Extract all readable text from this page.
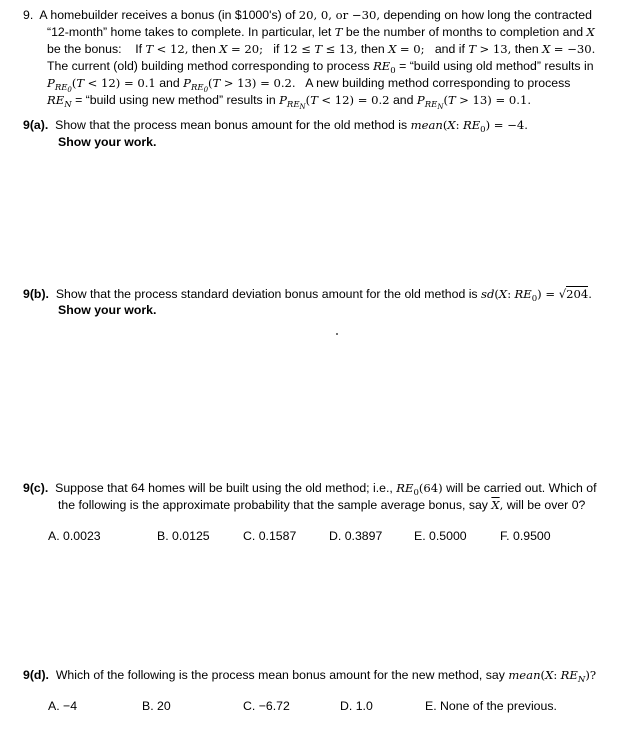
9. A homebuilder receives a bonus (in $1000's) of 20, 0, or −30, depending on how long the contracted
“12-month” home takes to complete. In particular, let T be the number of months to completion and X
be the bonus: If T < 12, then X = 20; if 12 ≤ T ≤ 13, then X = 0; and if T > 13, then X = −30.
The current (old) building method corresponding to process $RE_0$ = “build using old method” results in
$P_{RE_0}(T < 12) = 0.1$ and $P_{RE_0}(T > 13) = 0.2$. A new building method corresponding to process
$RE_N$ = “build using new method” results in $P_{RE_N}(T < 12) = 0.2$ and $P_{RE_N}(T > 13) = 0.1$.
9(a). Show that the process mean bonus amount for the old method is mean(X: $RE_0) = -4$.
Show your work.
9(b). Show that the process standard deviation bonus amount for the old method is sd(X: $RE_0) = √204$.
Show your work.
9(c). Suppose that 64 homes will be built using the old method; i.e., $RE_0(64)$ will be carried out. Which of
the following is the approximate probability that the sample average bonus, say $\overline{X}$, will be over 0?
A. 0.0023	B. 0.0125	C. 0.1587	D. 0.3897	E. 0.5000	F. 0.9500
9(d). Which of the following is the process mean bonus amount for the new method, say mean(X: $RE_N$)?
A. −4	B. 20	C. −6.72	D. 1.0	E. None of the previous.
